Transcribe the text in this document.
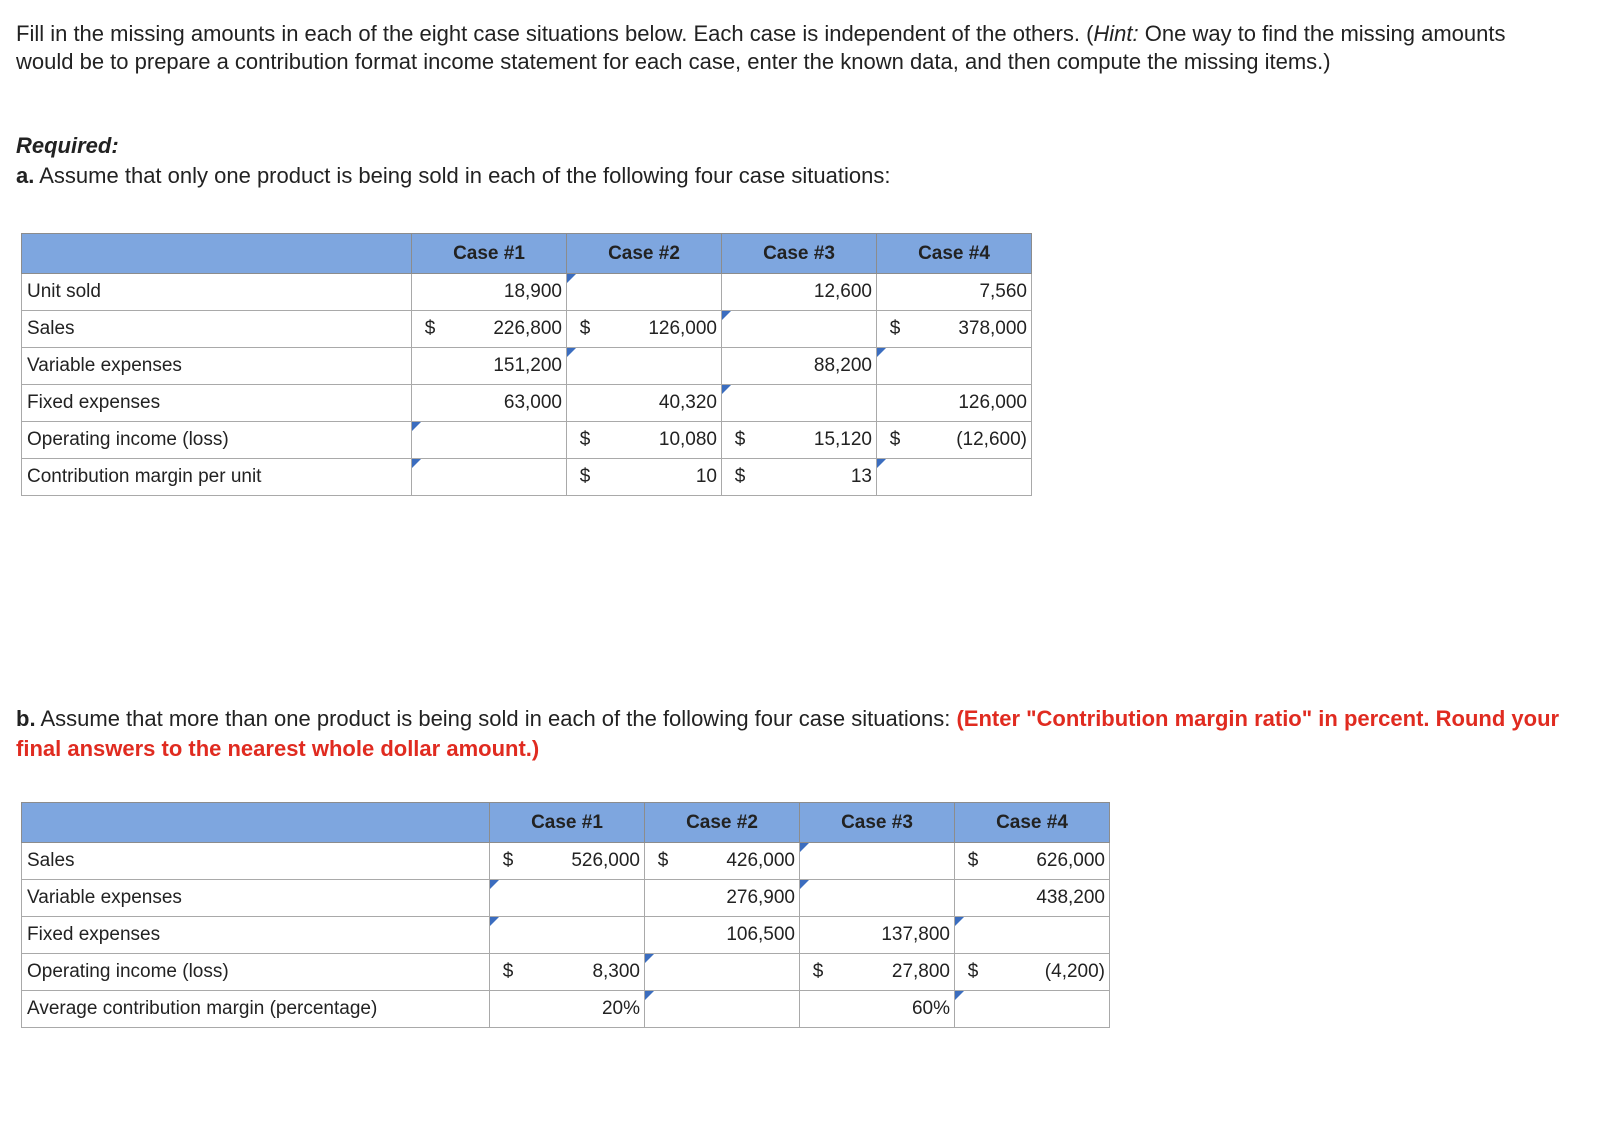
Fill in the missing amounts in each of the eight case situations below. Each case is independent of the others. (Hint: One way to find the missing amounts would be to prepare a contribution format income statement for each case, enter the known data, and then compute the missing items.)

Required:

a. Assume that only one product is being sold in each of the following four case situations:

	Case #1	Case #2	Case #3	Case #4
Unit sold	18,900		12,600	7,560

Sales	$ 226,800	$ 126,000		$ 378,000

Variable expenses	151,200		88,200

Fixed expenses	63,000	40,320		126,000

Operating income (loss)		$ 10,080	$ 15,120	$ (12,600)

Contribution margin per unit		$ 10	$ 13

b. Assume that more than one product is being sold in each of the following four case situations: (Enter "Contribution margin ratio" in percent. Round your final answers to the nearest whole dollar amount.)

	Case #1	Case #2	Case #3	Case #4
Sales	$ 526,000	$ 426,000		$ 626,000

Variable expenses		276,900		438,200

Fixed expenses		106,500	137,800

Operating income (loss)	$ 8,300		$ 27,800	$ (4,200)

Average contribution margin (percentage)	20%		60%
